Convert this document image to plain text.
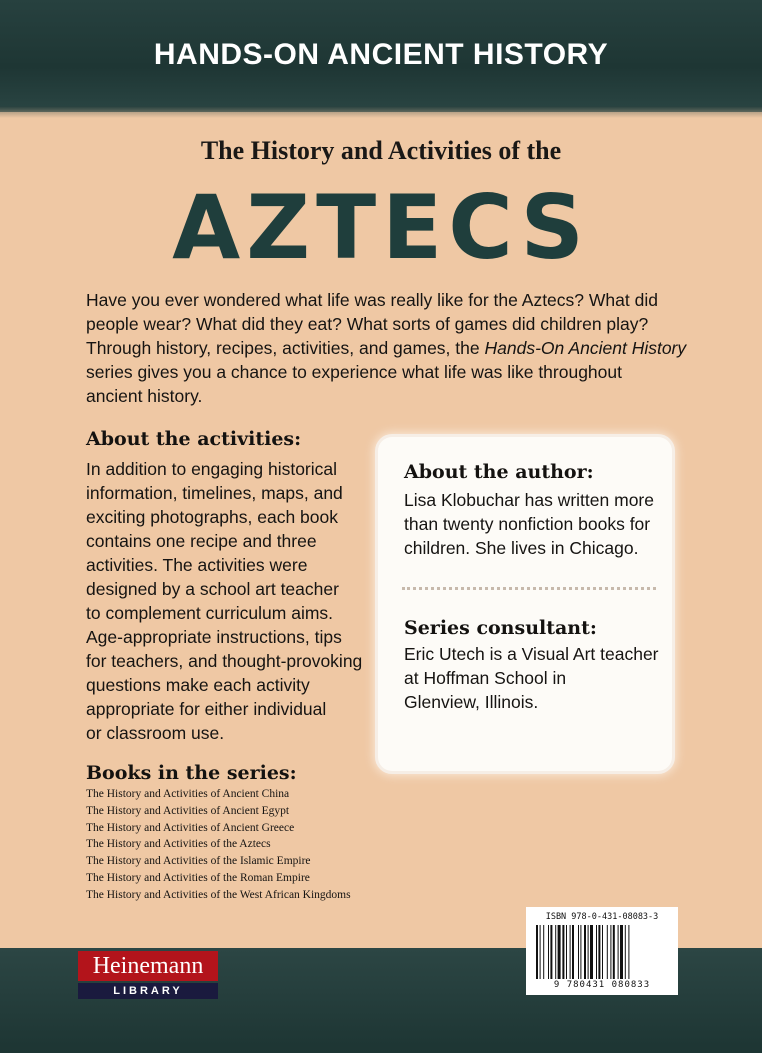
HANDS-ON ANCIENT HISTORY
The History and Activities of the
AZTECS
Have you ever wondered what life was really like for the Aztecs? What did
people wear? What did they eat? What sorts of games did children play?
Through history, recipes, activities, and games, the Hands-On Ancient History
series gives you a chance to experience what life was like throughout
ancient history.
About the activities:
In addition to engaging historical
information, timelines, maps, and
exciting photographs, each book
contains one recipe and three
activities. The activities were
designed by a school art teacher
to complement curriculum aims.
Age-appropriate instructions, tips
for teachers, and thought-provoking
questions make each activity
appropriate for either individual
or classroom use.
About the author:
Lisa Klobuchar has written more
than twenty nonfiction books for
children. She lives in Chicago.
Series consultant:
Eric Utech is a Visual Art teacher
at Hoffman School in
Glenview, Illinois.
Books in the series:
The History and Activities of Ancient China
The History and Activities of Ancient Egypt
The History and Activities of Ancient Greece
The History and Activities of the Aztecs
The History and Activities of the Islamic Empire
The History and Activities of the Roman Empire
The History and Activities of the West African Kingdoms
Heinemann
LIBRARY
ISBN 978-0-431-08083-3
9 780431 080833
